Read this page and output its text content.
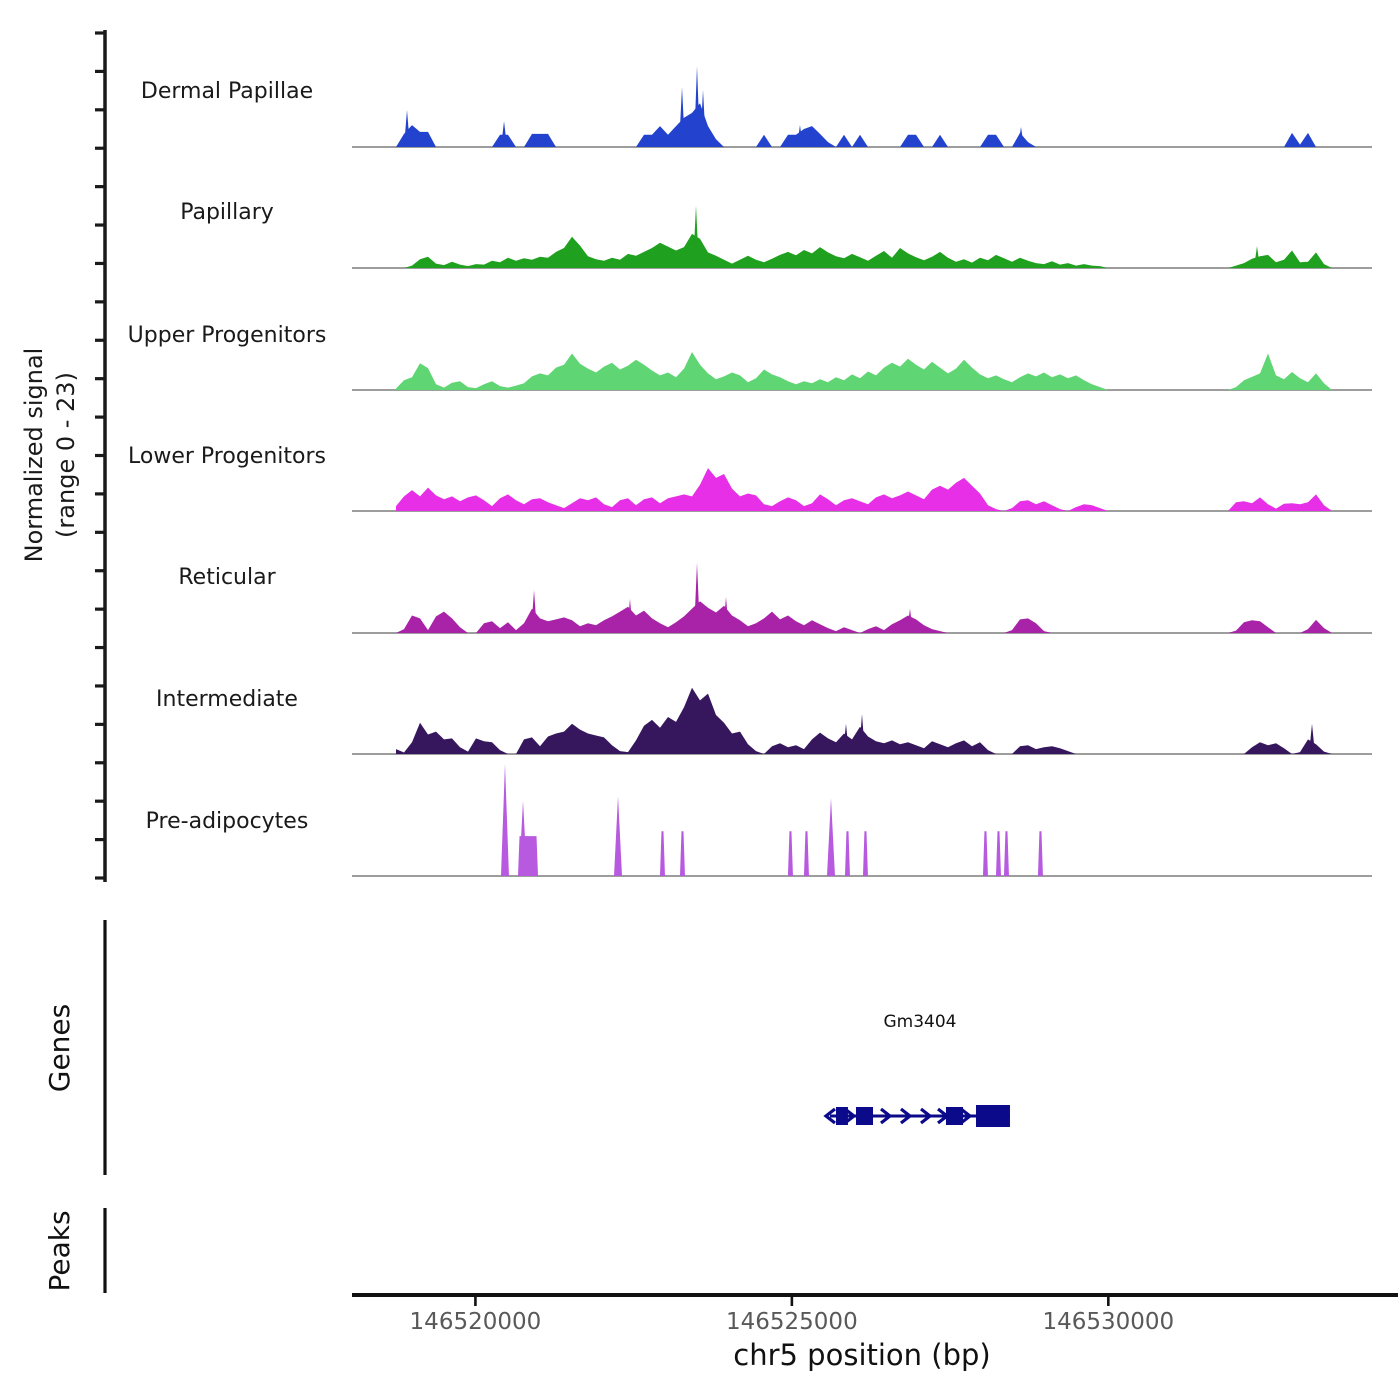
Normalized signal (range 0 - 23)
Genes
Peaks
Gm3404
chr5 position (bp)
Dermal Papillae
Papillary
Upper Progenitors
Lower Progenitors
Reticular
Intermediate
Pre-adipocytes
146520000	146525000	146530000
